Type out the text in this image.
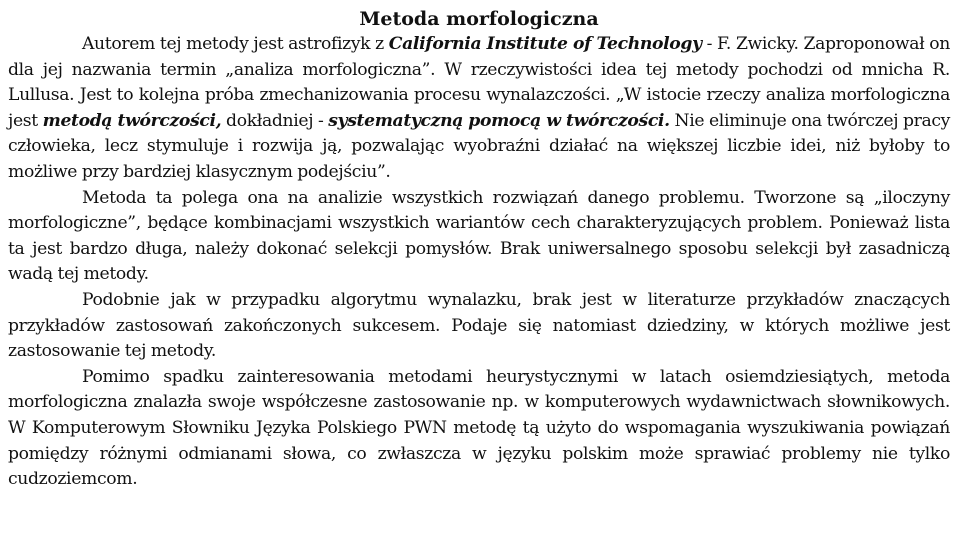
Metoda morfologiczna

Autorem tej metody jest astrofizyk z California Institute of Technology - F. Zwicky. Zaproponował on dla jej nazwania termin „analiza morfologiczna”. W rzeczywistości idea tej metody pochodzi od mnicha R. Lullusa. Jest to kolejna próba zmechanizowania procesu wynalazczości. „W istocie rzeczy analiza morfologiczna jest metodą twórczości, dokładniej - systematyczną pomocą w twórczości. Nie eliminuje ona twórczej pracy człowieka, lecz stymuluje i rozwija ją, pozwalając wyobraźni działać na większej liczbie idei, niż byłoby to możliwe przy bardziej klasycznym podejściu”.

Metoda ta polega ona na analizie wszystkich rozwiązań danego problemu. Tworzone są „iloczyny morfologiczne”, będące kombinacjami wszystkich wariantów cech charakteryzujących problem. Ponieważ lista ta jest bardzo długa, należy dokonać selekcji pomysłów. Brak uniwersalnego sposobu selekcji był zasadniczą wadą tej metody.

Podobnie jak w przypadku algorytmu wynalazku, brak jest w literaturze przykładów znaczących przykładów zastosowań zakończonych sukcesem. Podaje się natomiast dziedziny, w których możliwe jest zastosowanie tej metody.

Pomimo spadku zainteresowania metodami heurystycznymi w latach osiemdziesiątych, metoda morfologiczna znalazła swoje współczesne zastosowanie np. w komputerowych wydawnictwach słownikowych. W Komputerowym Słowniku Języka Polskiego PWN metodę tą użyto do wspomagania wyszukiwania powiązań pomiędzy różnymi odmianami słowa, co zwłaszcza w języku polskim może sprawiać problemy nie tylko cudzoziemcom.
